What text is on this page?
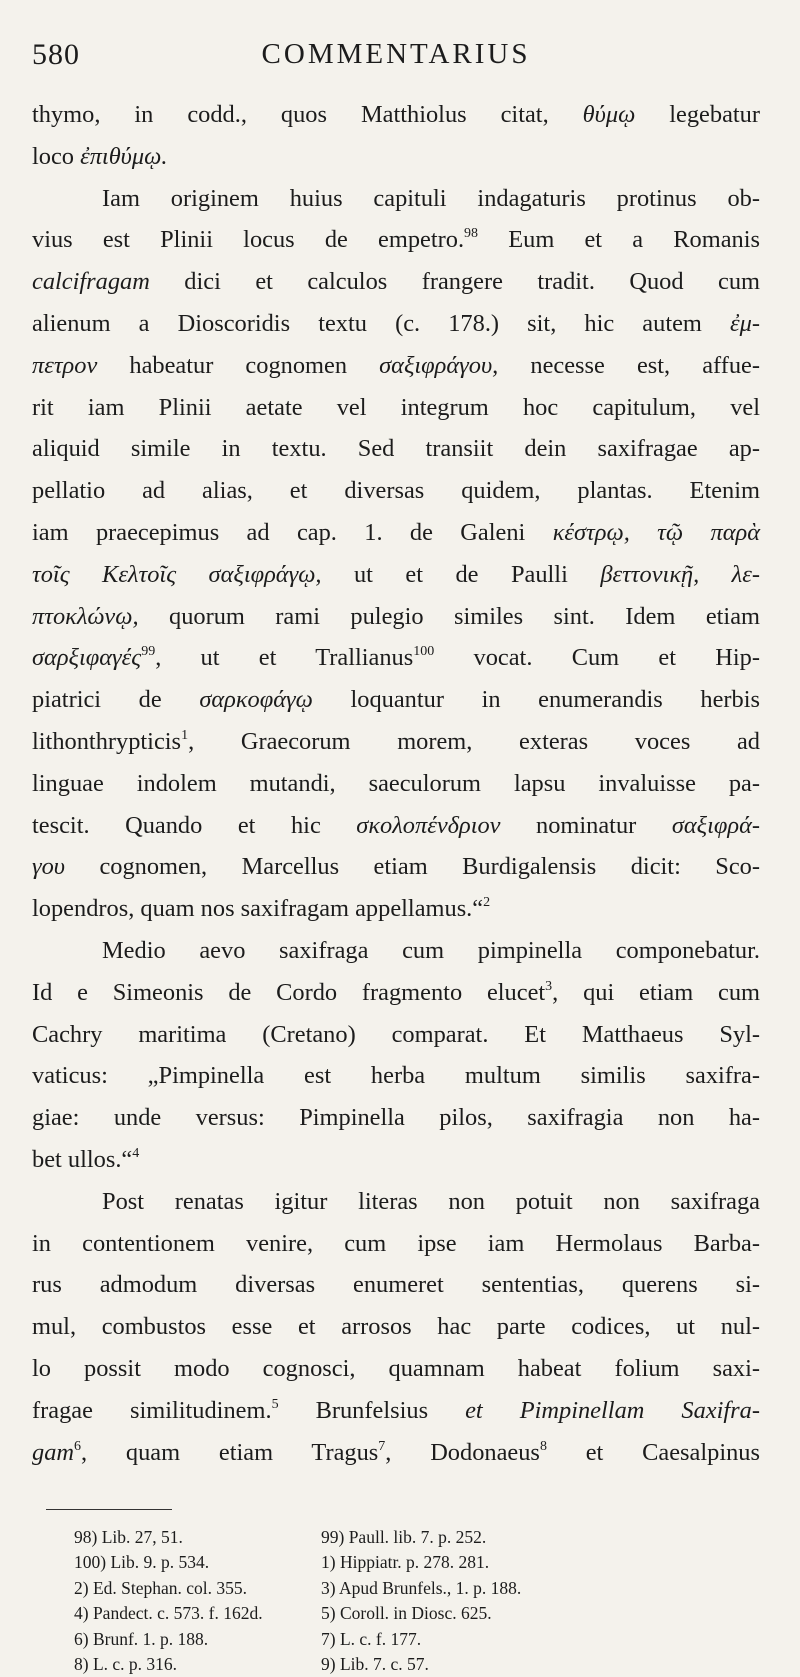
580	COMMENTARIUS
thymo, in codd., quos Matthiolus citat, θύμῳ legebatur
loco ἐπιθύμῳ.
Iam originem huius capituli indagaturis protinus ob-
vius est Plinii locus de empetro.$^{98}$ Eum et a Romanis
calcifragam dici et calculos frangere tradit. Quod cum
alienum a Dioscoridis textu (c. 178.) sit, hic autem ἐμ-
πετρον habeatur cognomen σαξιφράγου, necesse est, affue-
rit iam Plinii aetate vel integrum hoc capitulum, vel
aliquid simile in textu. Sed transiit dein saxifragae ap-
pellatio ad alias, et diversas quidem, plantas. Etenim
iam praecepimus ad cap. 1. de Galeni κέστρῳ, τῷ παρὰ
τοῖς Κελτοῖς σαξιφράγῳ, ut et de Paulli βεττονικῇ, λε-
πτοκλώνῳ, quorum rami pulegio similes sint. Idem etiam
σαρξιφαγές$^{99}$, ut et Trallianus$^{100}$ vocat. Cum et Hip-
piatrici de σαρκοφάγῳ loquantur in enumerandis herbis
lithonthrypticis$^1$, Graecorum morem, exteras voces ad
linguae indolem mutandi, saeculorum lapsu invaluisse pa-
tescit. Quando et hic σκολοπένδριον nominatur σαξιφρά-
γου cognomen, Marcellus etiam Burdigalensis dicit: Sco-
lopendros, quam nos saxifragam appellamus.“$^2$
Medio aevo saxifraga cum pimpinella componebatur.
Id e Simeonis de Cordo fragmento elucet$^3$, qui etiam cum
Cachry maritima (Cretano) comparat. Et Matthaeus Syl-
vaticus: „Pimpinella est herba multum similis saxifra-
giae: unde versus: Pimpinella pilos, saxifragia non ha-
bet ullos.“$^4$
Post renatas igitur literas non potuit non saxifraga
in contentionem venire, cum ipse iam Hermolaus Barba-
rus admodum diversas enumeret sententias, querens si-
mul, combustos esse et arrosos hac parte codices, ut nul-
lo possit modo cognosci, quamnam habeat folium saxi-
fragae similitudinem.$^5$ Brunfelsius et Pimpinellam Saxifra-
gam$^6$, quam etiam Tragus$^7$, Dodonaeus$^8$ et Caesalpinus
98) Lib. 27, 51.	99) Paull. lib. 7. p. 252.
100) Lib. 9. p. 534.	1) Hippiatr. p. 278. 281.
2) Ed. Stephan. col. 355.	3) Apud Brunfels., 1. p. 188.
4) Pandect. c. 573. f. 162d.	5) Coroll. in Diosc. 625.
6) Brunf. 1. p. 188.	7) L. c. f. 177.
8) L. c. p. 316.	9) Lib. 7. c. 57.
